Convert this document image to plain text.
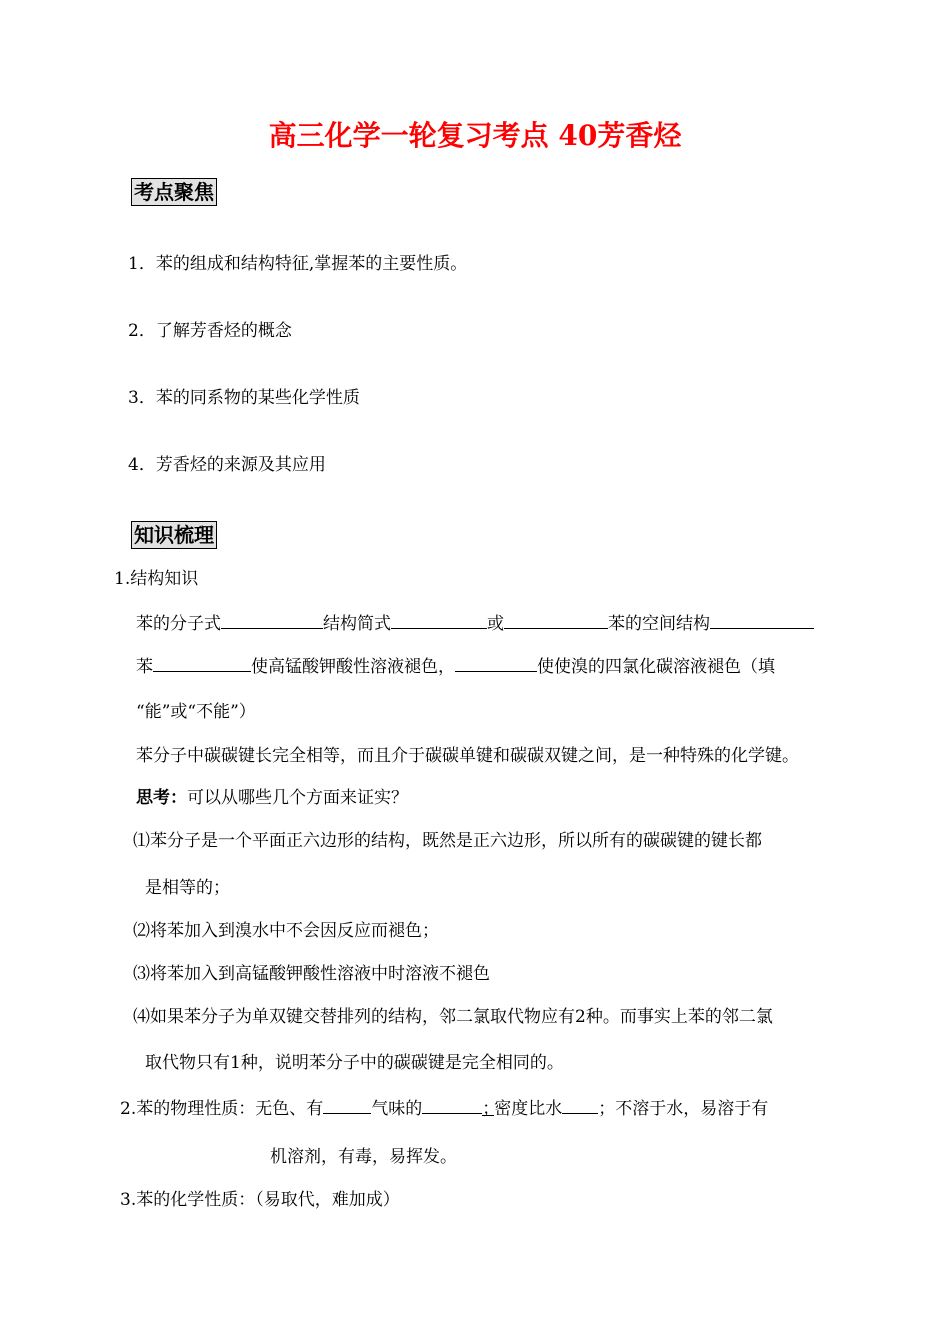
高三化学一轮复习考点 40芳香烃
考点聚焦
1．苯的组成和结构特征,掌握苯的主要性质。
2．了解芳香烃的概念
3．苯的同系物的某些化学性质
4．芳香烃的来源及其应用
知识梳理
1.结构知识
苯的分子式	结构简式	或	苯的空间结构
苯	使高锰酸钾酸性溶液褪色，	使使溴的四氯化碳溶液褪色（填
“能”或“不能”）
苯分子中碳碳键长完全相等，而且介于碳碳单键和碳碳双键之间，是一种特殊的化学键。
思考：可以从哪些几个方面来证实？
⑴苯分子是一个平面正六边形的结构，既然是正六边形，所以所有的碳碳键的键长都
是相等的；
⑵将苯加入到溴水中不会因反应而褪色；
⑶将苯加入到高锰酸钾酸性溶液中时溶液不褪色
⑷如果苯分子为单双键交替排列的结构，邻二氯取代物应有2种。而事实上苯的邻二氯
取代物只有1种，说明苯分子中的碳碳键是完全相同的。
2.苯的物理性质：无色、有	气味的	；密度比水 ；不溶于水，易溶于有
机溶剂，有毒，易挥发。
3.苯的化学性质：（易取代，难加成）
